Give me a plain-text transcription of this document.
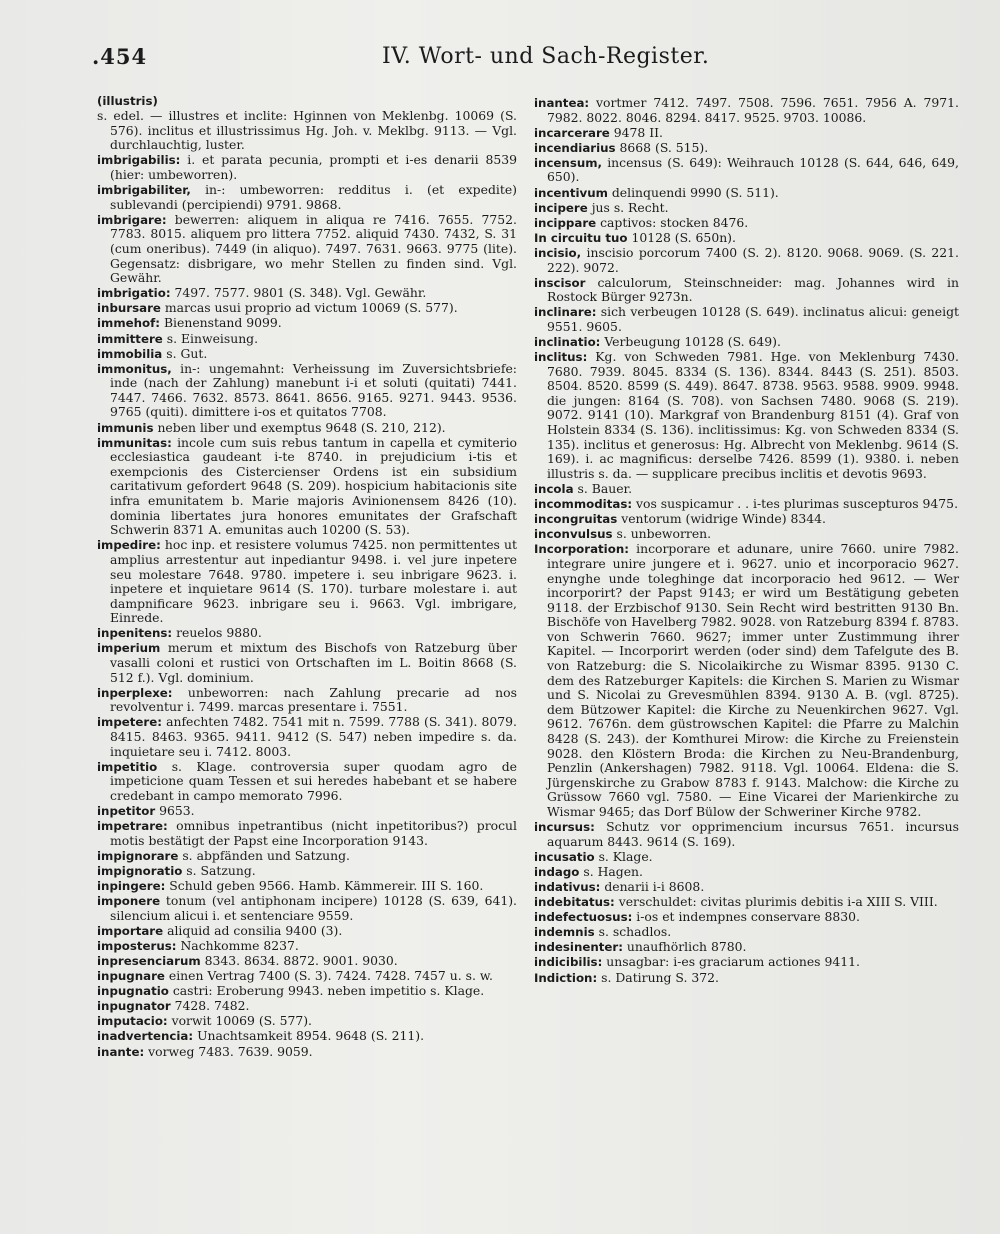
.454	IV. Wort- und Sach-Register.
(illustris)
s. edel. — illustres et inclite: Hginnen von Meklenbg. 10069 (S. 576). inclitus et illustrissimus Hg. Joh. v. Meklbg. 9113. — Vgl. durchlauchtig, luster.
imbrigabilis: i. et parata pecunia, prompti et i-es denarii 8539 (hier: umbeworren).
imbrigabiliter, in-: umbeworren: redditus i. (et expedite) sublevandi (percipiendi) 9791. 9868.
imbrigare: bewerren: aliquem in aliqua re 7416. 7655. 7752. 7783. 8015. aliquem pro littera 7752. aliquid 7430. 7432, S. 31 (cum oneribus). 7449 (in aliquo). 7497. 7631. 9663. 9775 (lite). Gegensatz: disbrigare, wo mehr Stellen zu finden sind. Vgl. Gewähr.
imbrigatio: 7497. 7577. 9801 (S. 348). Vgl. Gewähr.
inbursare marcas usui proprio ad victum 10069 (S. 577).
immehof: Bienenstand 9099.
immittere s. Einweisung.
immobilia s. Gut.
immonitus, in-: ungemahnt: Verheissung im Zuversichtsbriefe: inde (nach der Zahlung) manebunt i-i et soluti (quitati) 7441. 7447. 7466. 7632. 8573. 8641. 8656. 9165. 9271. 9443. 9536. 9765 (quiti). dimittere i-os et quitatos 7708.
immunis neben liber und exemptus 9648 (S. 210, 212).
immunitas: incole cum suis rebus tantum in capella et cymiterio ecclesiastica gaudeant i-te 8740. in prejudicium i-tis et exempcionis des Cistercienser Ordens ist ein subsidium caritativum gefordert 9648 (S. 209). hospicium habitacionis site infra emunitatem b. Marie majoris Avinionensem 8426 (10). dominia libertates jura honores emunitates der Grafschaft Schwerin 8371 A. emunitas auch 10200 (S. 53).
impedire: hoc inp. et resistere volumus 7425. non permittentes ut amplius arrestentur aut inpediantur 9498. i. vel jure inpetere seu molestare 7648. 9780. impetere i. seu inbrigare 9623. i. inpetere et inquietare 9614 (S. 170). turbare molestare i. aut dampnificare 9623. inbrigare seu i. 9663. Vgl. imbrigare, Einrede.
inpenitens: reuelos 9880.
imperium merum et mixtum des Bischofs von Ratzeburg über vasalli coloni et rustici von Ortschaften im L. Boitin 8668 (S. 512 f.). Vgl. dominium.
inperplexe: unbeworren: nach Zahlung precarie ad nos revolventur i. 7499. marcas presentare i. 7551.
impetere: anfechten 7482. 7541 mit n. 7599. 7788 (S. 341). 8079. 8415. 8463. 9365. 9411. 9412 (S. 547) neben impedire s. da. inquietare seu i. 7412. 8003.
impetitio s. Klage. controversia super quodam agro de impeticione quam Tessen et sui heredes habebant et se habere credebant in campo memorato 7996.
inpetitor 9653.
impetrare: omnibus inpetrantibus (nicht inpetitoribus?) procul motis bestätigt der Papst eine Incorporation 9143.
impignorare s. abpfänden und Satzung.
impignoratio s. Satzung.
inpingere: Schuld geben 9566. Hamb. Kämmereir. III S. 160.
imponere tonum (vel antiphonam incipere) 10128 (S. 639, 641). silencium alicui i. et sentenciare 9559.
importare aliquid ad consilia 9400 (3).
imposterus: Nachkomme 8237.
inpresenciarum 8343. 8634. 8872. 9001. 9030.
inpugnare einen Vertrag 7400 (S. 3). 7424. 7428. 7457 u. s. w.
inpugnatio castri: Eroberung 9943. neben impetitio s. Klage.
inpugnator 7428. 7482.
imputacio: vorwit 10069 (S. 577).
inadvertencia: Unachtsamkeit 8954. 9648 (S. 211).
inante: vorweg 7483. 7639. 9059.
inantea: vortmer 7412. 7497. 7508. 7596. 7651. 7956 A. 7971. 7982. 8022. 8046. 8294. 8417. 9525. 9703. 10086.
incarcerare 9478 II.
incendiarius 8668 (S. 515).
incensum, incensus (S. 649): Weihrauch 10128 (S. 644, 646, 649, 650).
incentivum delinquendi 9990 (S. 511).
incipere jus s. Recht.
incippare captivos: stocken 8476.
In circuitu tuo 10128 (S. 650n).
incisio, inscisio porcorum 7400 (S. 2). 8120. 9068. 9069. (S. 221. 222). 9072.
inscisor calculorum, Steinschneider: mag. Johannes wird in Rostock Bürger 9273n.
inclinare: sich verbeugen 10128 (S. 649). inclinatus alicui: geneigt 9551. 9605.
inclinatio: Verbeugung 10128 (S. 649).
inclitus: Kg. von Schweden 7981. Hge. von Meklenburg 7430. 7680. 7939. 8045. 8334 (S. 136). 8344. 8443 (S. 251). 8503. 8504. 8520. 8599 (S. 449). 8647. 8738. 9563. 9588. 9909. 9948. die jungen: 8164 (S. 708). von Sachsen 7480. 9068 (S. 219). 9072. 9141 (10). Markgraf von Brandenburg 8151 (4). Graf von Holstein 8334 (S. 136). inclitissimus: Kg. von Schweden 8334 (S. 135). inclitus et generosus: Hg. Albrecht von Meklenbg. 9614 (S. 169). i. ac magnificus: derselbe 7426. 8599 (1). 9380. i. neben illustris s. da. — supplicare precibus inclitis et devotis 9693.
incola s. Bauer.
incommoditas: vos suspicamur . . i-tes plurimas suscepturos 9475.
incongruitas ventorum (widrige Winde) 8344.
inconvulsus s. unbeworren.
Incorporation: incorporare et adunare, unire 7660. unire 7982. integrare unire jungere et i. 9627. unio et incorporacio 9627. enynghe unde toleghinge dat incorporacio hed 9612. — Wer incorporirt? der Papst 9143; er wird um Bestätigung gebeten 9118. der Erzbischof 9130. Sein Recht wird bestritten 9130 Bn. Bischöfe von Havelberg 7982. 9028. von Ratzeburg 8394 f. 8783. von Schwerin 7660. 9627; immer unter Zustimmung ihrer Kapitel. — Incorporirt werden (oder sind) dem Tafelgute des B. von Ratzeburg: die S. Nicolaikirche zu Wismar 8395. 9130 C. dem des Ratzeburger Kapitels: die Kirchen S. Marien zu Wismar und S. Nicolai zu Grevesmühlen 8394. 9130 A. B. (vgl. 8725). dem Bützower Kapitel: die Kirche zu Neuenkirchen 9627. Vgl. 9612. 7676n. dem güstrowschen Kapitel: die Pfarre zu Malchin 8428 (S. 243). der Komthurei Mirow: die Kirche zu Freienstein 9028. den Klöstern Broda: die Kirchen zu Neu-Brandenburg, Penzlin (Ankershagen) 7982. 9118. Vgl. 10064. Eldena: die S. Jürgenskirche zu Grabow 8783 f. 9143. Malchow: die Kirche zu Grüssow 7660 vgl. 7580. — Eine Vicarei der Marienkirche zu Wismar 9465; das Dorf Bülow der Schweriner Kirche 9782.
incursus: Schutz vor opprimencium incursus 7651. incursus aquarum 8443. 9614 (S. 169).
incusatio s. Klage.
indago s. Hagen.
indativus: denarii i-i 8608.
indebitatus: verschuldet: civitas plurimis debitis i-a XIII S. VIII.
indefectuosus: i-os et indempnes conservare 8830.
indemnis s. schadlos.
indesinenter: unaufhörlich 8780.
indicibilis: unsagbar: i-es graciarum actiones 9411.
Indiction: s. Datirung S. 372.
